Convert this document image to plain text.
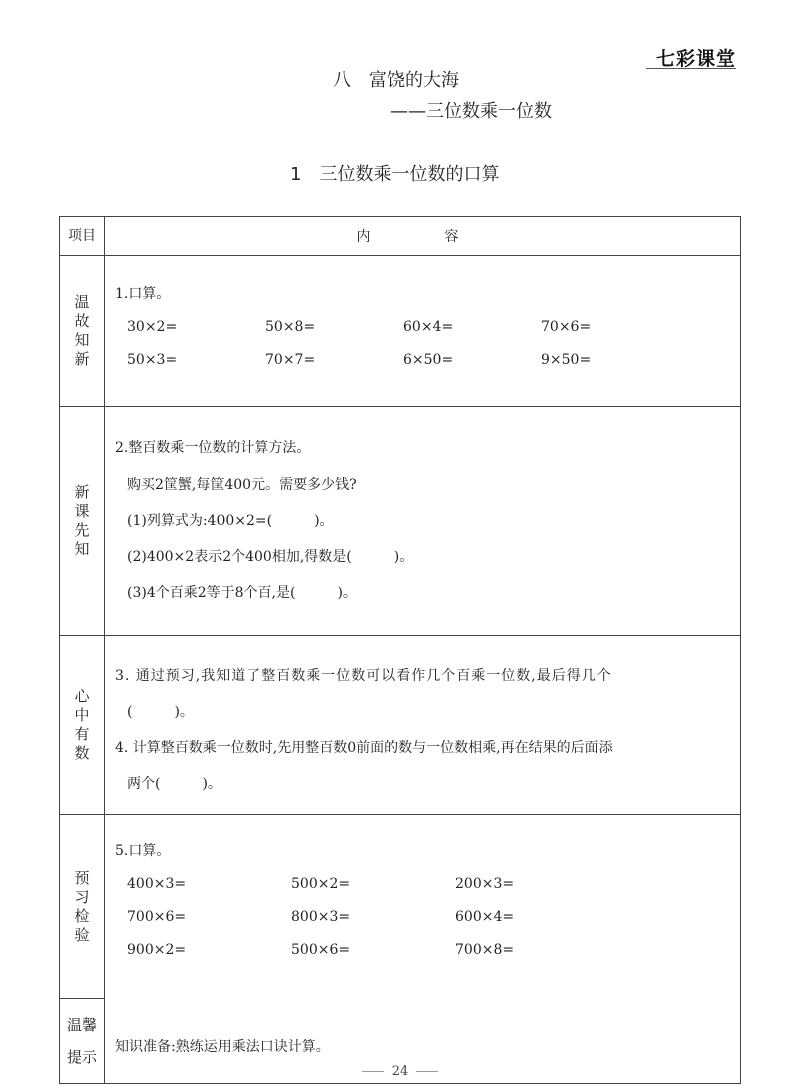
七彩课堂
八　富饶的大海
——三位数乘一位数
1　三位数乘一位数的口算
项目	内　容
温故知新	1.口算。
30×2= 50×8= 60×4= 70×6=
50×3= 70×7= 6×50= 9×50=

新课先知	2.整百数乘一位数的计算方法。
购买2筐蟹,每筐400元。需要多少钱?
(1)列算式为:400×2=(　　　)。
(2)400×2表示2个400相加,得数是(　　　)。
(3)4个百乘2等于8个百,是(　　　)。

心中有数	3. 通过预习,我知道了整百数乘一位数可以看作几个百乘一位数,最后得几个
(　　　)。
4. 计算整百数乘一位数时,先用整百数0前面的数与一位数相乘,再在结果的后面添
两个(　　　)。

预习检验	5.口算。
400×3= 500×2= 200×3=
700×6= 800×3= 600×4=
900×2= 500×6= 700×8=

温馨提示	知识准备:熟练运用乘法口诀计算。
24
